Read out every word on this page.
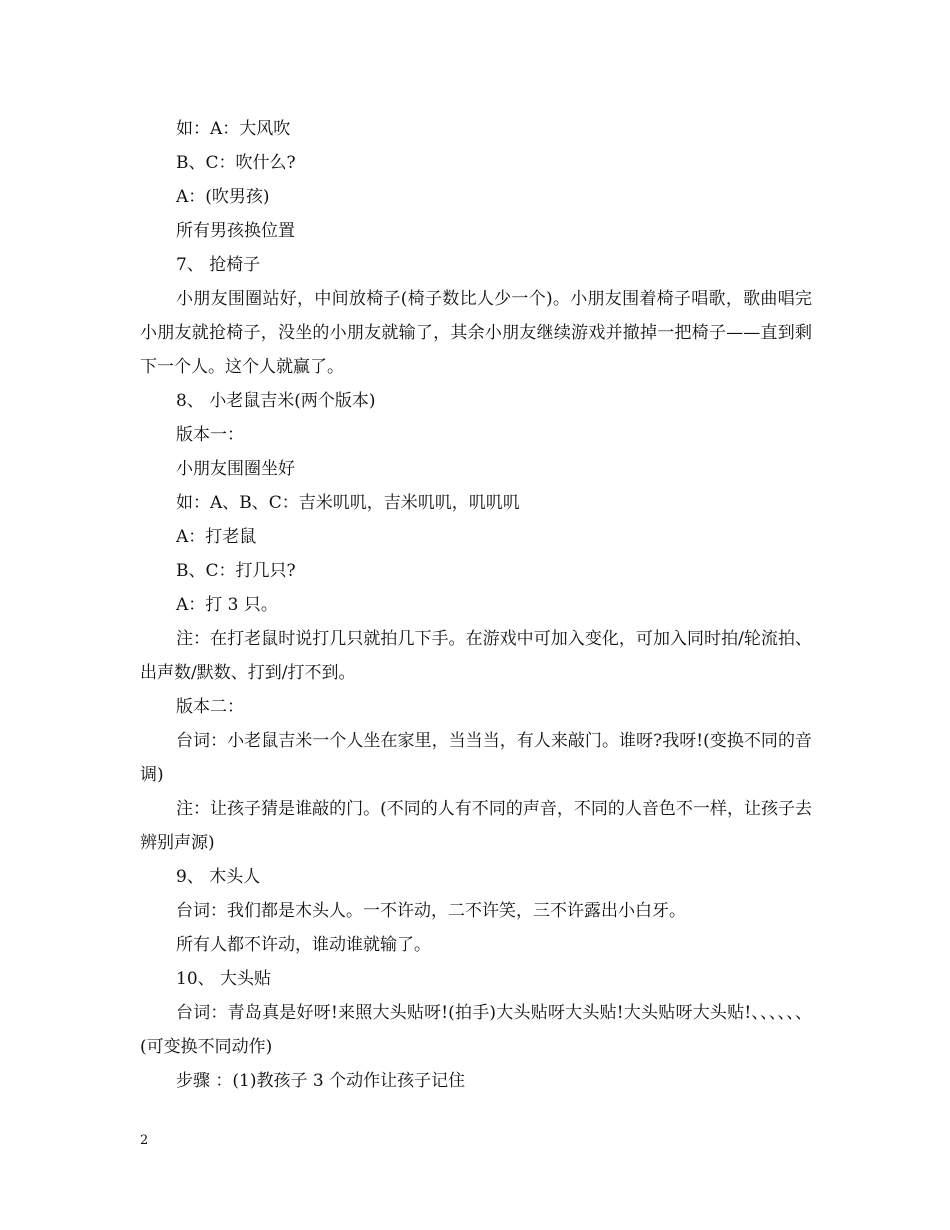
如：A：大风吹

B、C：吹什么?

A：(吹男孩)

所有男孩换位置

7、 抢椅子

小朋友围圈站好，中间放椅子(椅子数比人少一个)。小朋友围着椅子唱歌，歌曲唱完小朋友就抢椅子，没坐的小朋友就输了，其余小朋友继续游戏并撤掉一把椅子——直到剩下一个人。这个人就赢了。

8、 小老鼠吉米(两个版本)

版本一：

小朋友围圈坐好

如：A、B、C：吉米叽叽，吉米叽叽，叽叽叽

A：打老鼠

B、C：打几只?

A：打 3 只。

注：在打老鼠时说打几只就拍几下手。在游戏中可加入变化，可加入同时拍/轮流拍、出声数/默数、打到/打不到。

版本二：

台词：小老鼠吉米一个人坐在家里，当当当，有人来敲门。谁呀?我呀!(变换不同的音调)

注：让孩子猜是谁敲的门。(不同的人有不同的声音，不同的人音色不一样，让孩子去辨别声源)

9、 木头人

台词：我们都是木头人。一不许动，二不许笑，三不许露出小白牙。

所有人都不许动，谁动谁就输了。

10、 大头贴

台词：青岛真是好呀!来照大头贴呀!(拍手)大头贴呀大头贴!大头贴呀大头贴!、、、、、、(可变换不同动作)

步骤 ：(1)教孩子 3 个动作让孩子记住

2
